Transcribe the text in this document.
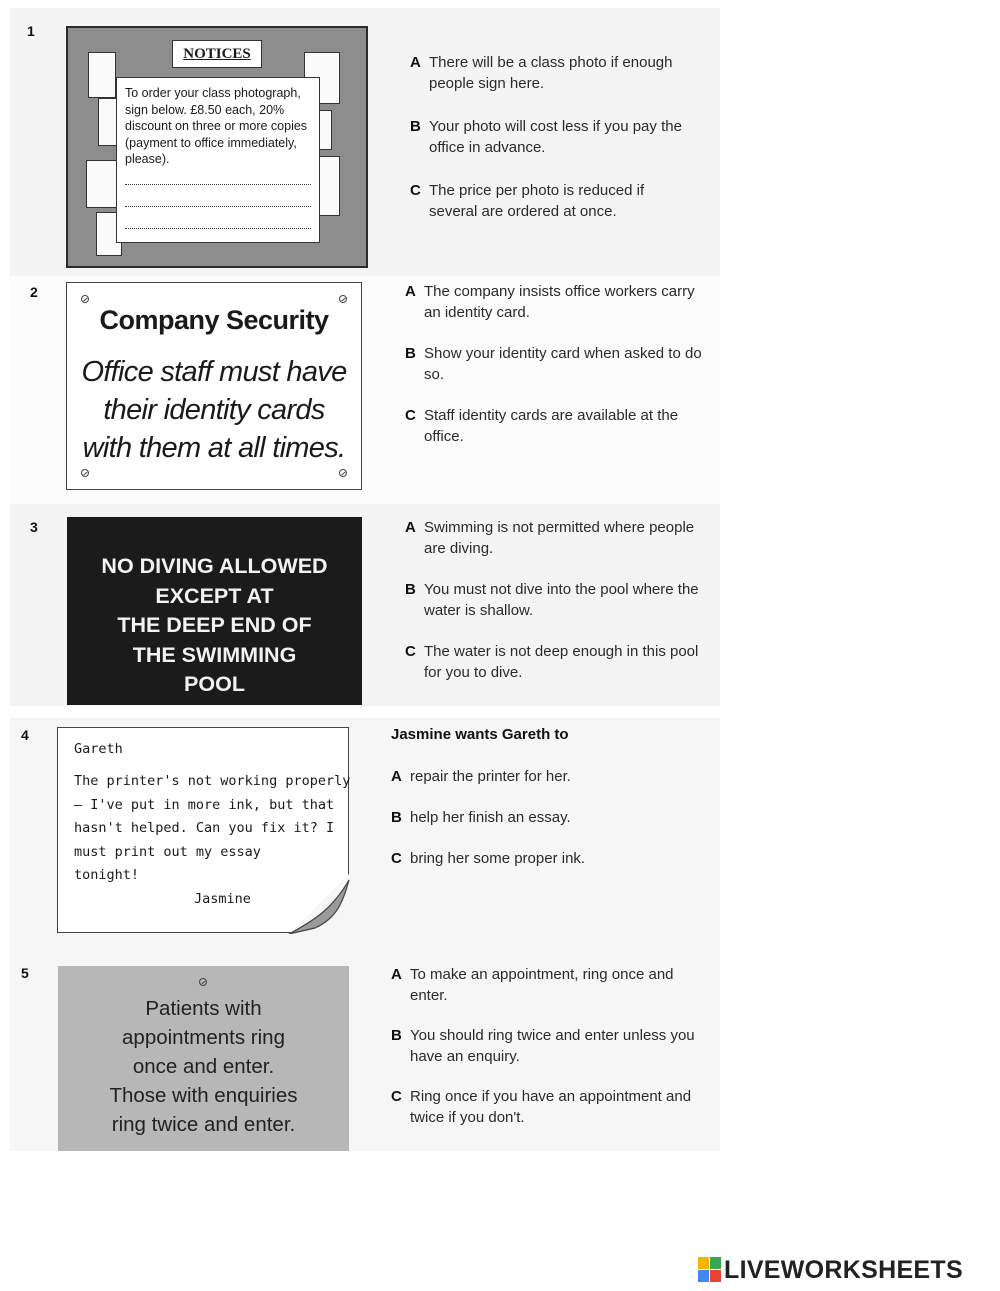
1
NOTICES
To order your class photograph, sign below. £8.50 each, 20% discount on three or more copies (payment to office immediately, please).
A There will be a class photo if enough people sign here.
B Your photo will cost less if you pay the office in advance.
C The price per photo is reduced if several are ordered at once.
2
Company Security
Office staff must have
their identity cards
with them at all times.
A The company insists office workers carry an identity card.
B Show your identity card when asked to do so.
C Staff identity cards are available at the office.
3
NO DIVING ALLOWED
EXCEPT AT
THE DEEP END OF
THE SWIMMING
POOL
A Swimming is not permitted where people are diving.
B You must not dive into the pool where the water is shallow.
C The water is not deep enough in this pool for you to dive.
4
Gareth
The printer's not working properly
– I've put in more ink, but that
hasn't helped. Can you fix it? I
must print out my essay
tonight!
Jasmine
Jasmine wants Gareth to
A repair the printer for her.
B help her finish an essay.
C bring her some proper ink.
5
Patients with
appointments ring
once and enter.
Those with enquiries
ring twice and enter.
A To make an appointment, ring once and enter.
B You should ring twice and enter unless you have an enquiry.
C Ring once if you have an appointment and twice if you don't.
LIVEWORKSHEETS
